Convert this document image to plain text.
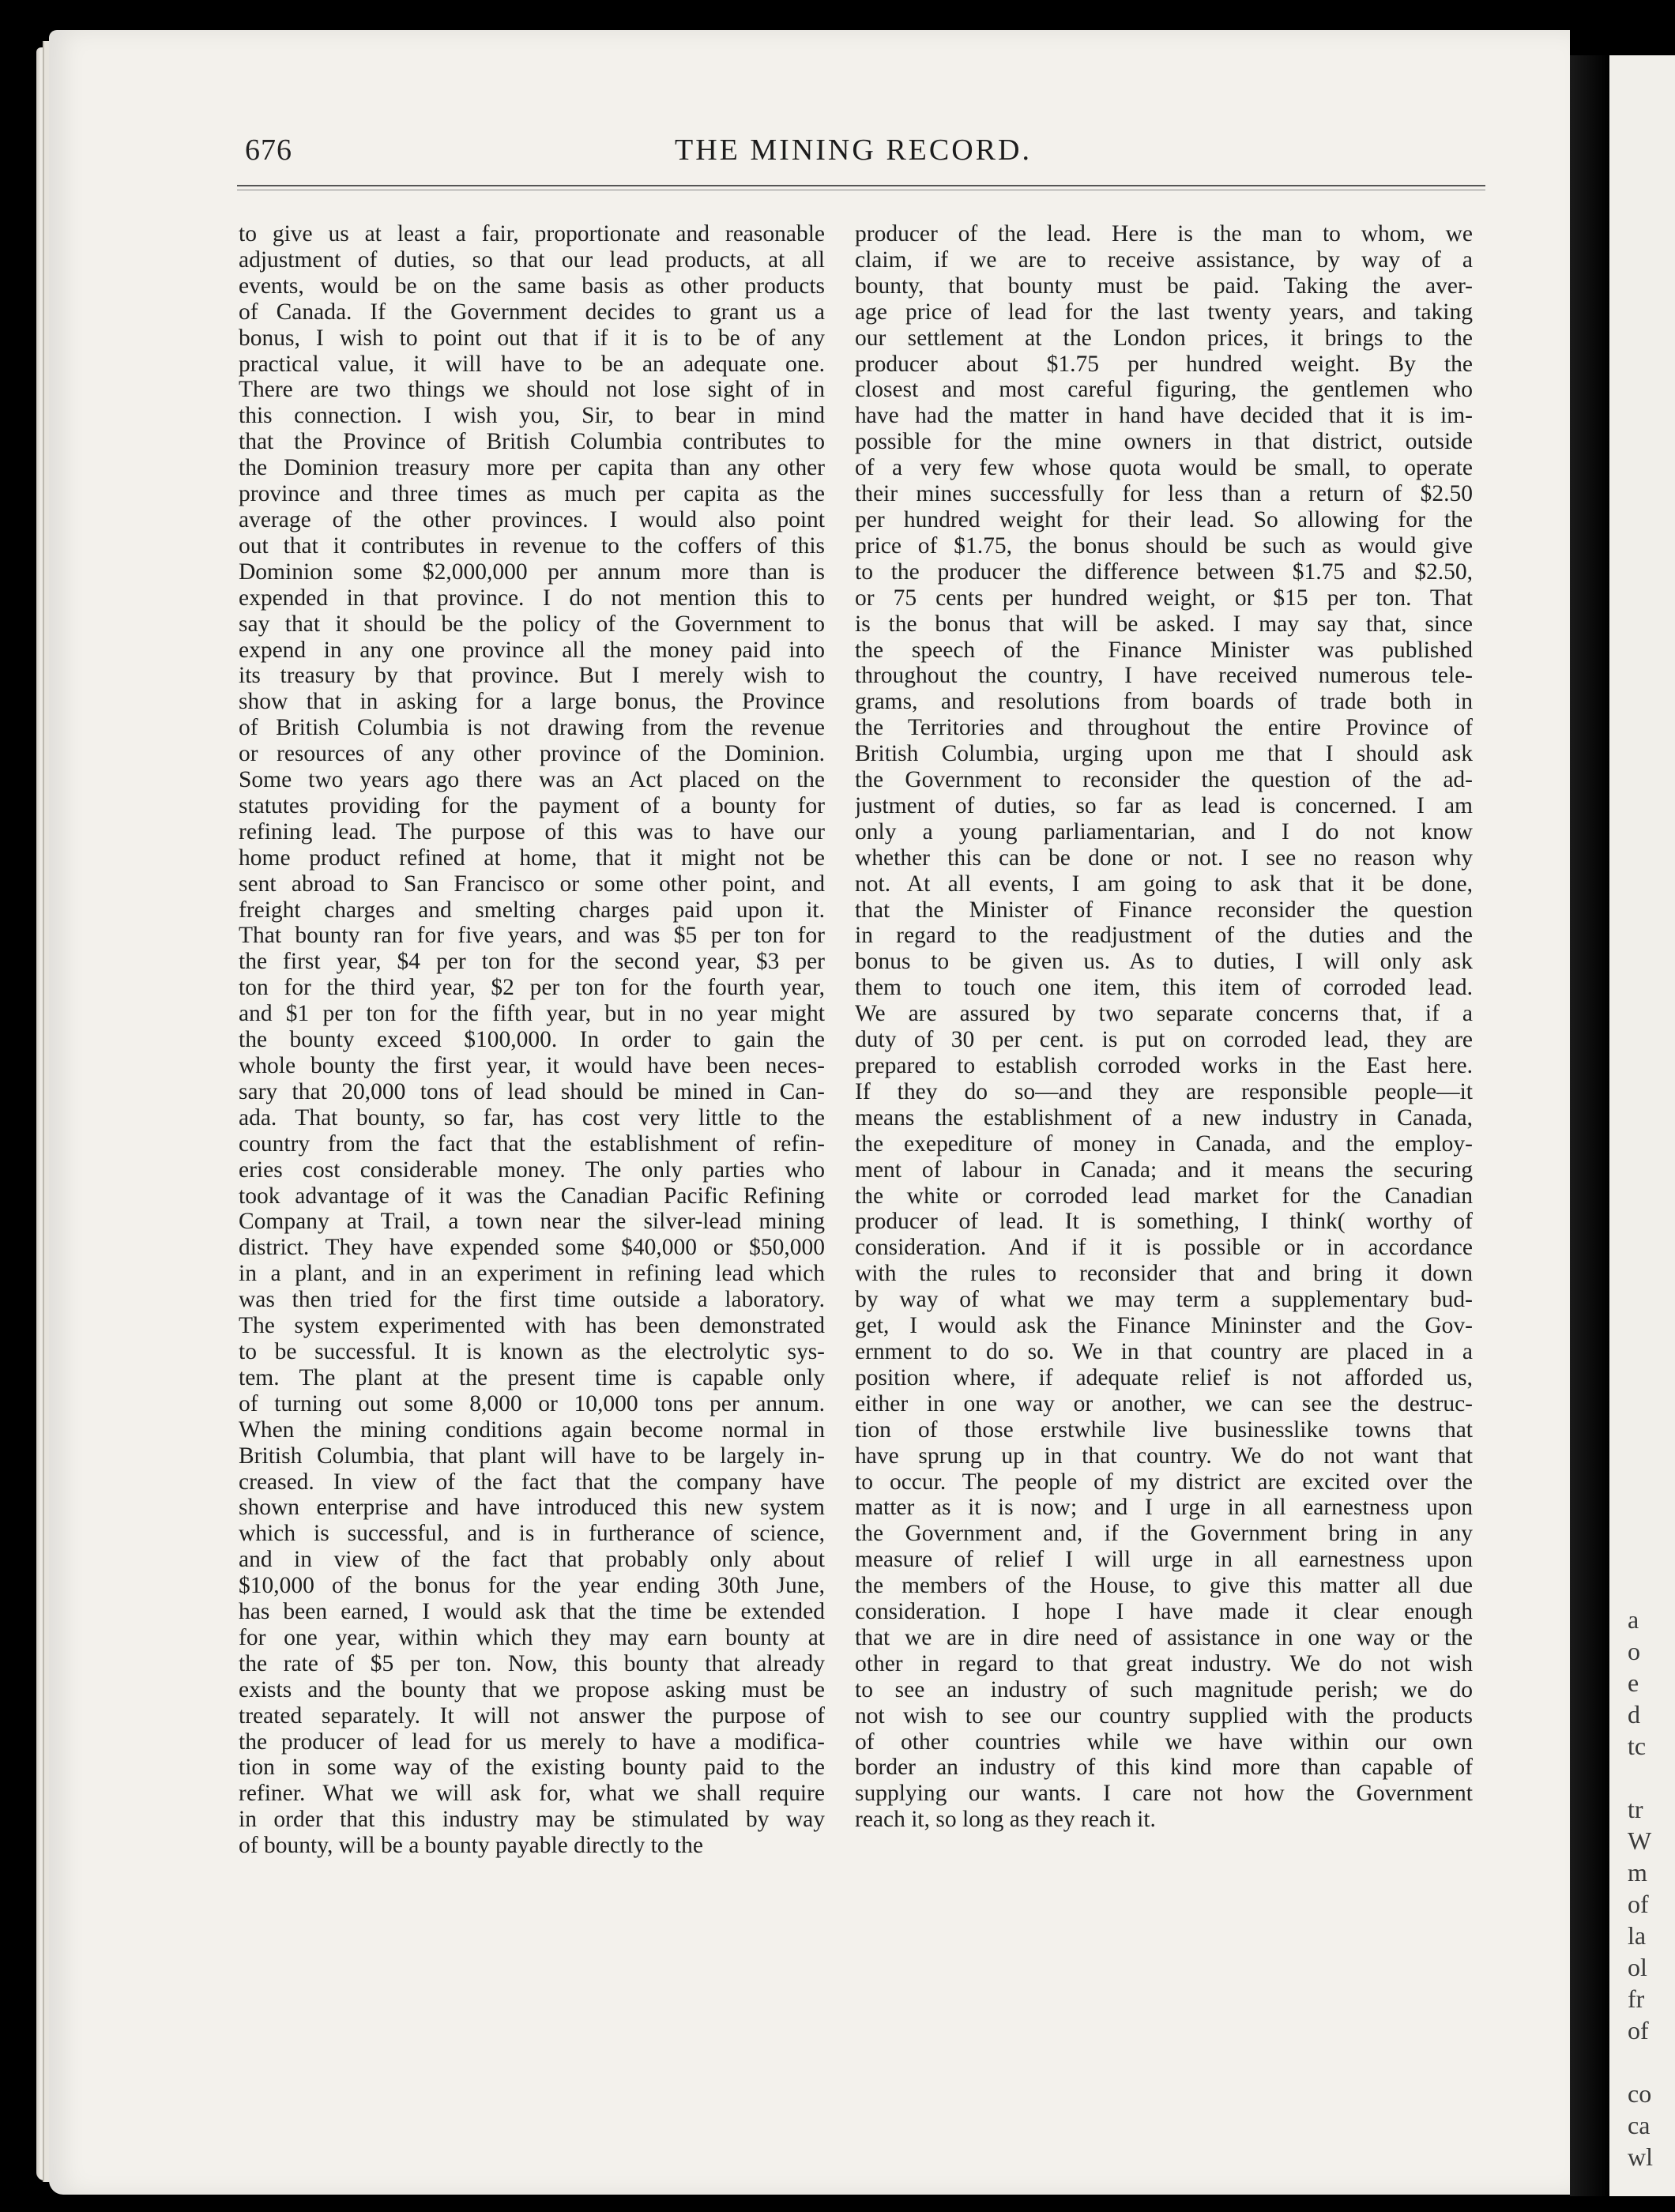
a
o
e
d
tc
tr
W
m
of
la
ol
fr
of
co
ca
wl
676	THE MINING RECORD.
to give us at least a fair, proportionate and reasonable
adjustment of duties, so that our lead products, at all
events, would be on the same basis as other products
of Canada. If the Government decides to grant us a
bonus, I wish to point out that if it is to be of any
practical value, it will have to be an adequate one.
There are two things we should not lose sight of in
this connection. I wish you, Sir, to bear in mind
that the Province of British Columbia contributes to
the Dominion treasury more per capita than any other
province and three times as much per capita as the
average of the other provinces. I would also point
out that it contributes in revenue to the coffers of this
Dominion some $2,000,000 per annum more than is
expended in that province. I do not mention this to
say that it should be the policy of the Government to
expend in any one province all the money paid into
its treasury by that province. But I merely wish to
show that in asking for a large bonus, the Province
of British Columbia is not drawing from the revenue
or resources of any other province of the Dominion.
Some two years ago there was an Act placed on the
statutes providing for the payment of a bounty for
refining lead. The purpose of this was to have our
home product refined at home, that it might not be
sent abroad to San Francisco or some other point, and
freight charges and smelting charges paid upon it.
That bounty ran for five years, and was $5 per ton for
the first year, $4 per ton for the second year, $3 per
ton for the third year, $2 per ton for the fourth year,
and $1 per ton for the fifth year, but in no year might
the bounty exceed $100,000. In order to gain the
whole bounty the first year, it would have been neces-
sary that 20,000 tons of lead should be mined in Can-
ada. That bounty, so far, has cost very little to the
country from the fact that the establishment of refin-
eries cost considerable money. The only parties who
took advantage of it was the Canadian Pacific Refining
Company at Trail, a town near the silver-lead mining
district. They have expended some $40,000 or $50,000
in a plant, and in an experiment in refining lead which
was then tried for the first time outside a laboratory.
The system experimented with has been demonstrated
to be successful. It is known as the electrolytic sys-
tem. The plant at the present time is capable only
of turning out some 8,000 or 10,000 tons per annum.
When the mining conditions again become normal in
British Columbia, that plant will have to be largely in-
creased. In view of the fact that the company have
shown enterprise and have introduced this new system
which is successful, and is in furtherance of science,
and in view of the fact that probably only about
$10,000 of the bonus for the year ending 30th June,
has been earned, I would ask that the time be extended
for one year, within which they may earn bounty at
the rate of $5 per ton. Now, this bounty that already
exists and the bounty that we propose asking must be
treated separately. It will not answer the purpose of
the producer of lead for us merely to have a modifica-
tion in some way of the existing bounty paid to the
refiner. What we will ask for, what we shall require
in order that this industry may be stimulated by way
of bounty, will be a bounty payable directly to the
producer of the lead. Here is the man to whom, we
claim, if we are to receive assistance, by way of a
bounty, that bounty must be paid. Taking the aver-
age price of lead for the last twenty years, and taking
our settlement at the London prices, it brings to the
producer about $1.75 per hundred weight. By the
closest and most careful figuring, the gentlemen who
have had the matter in hand have decided that it is im-
possible for the mine owners in that district, outside
of a very few whose quota would be small, to operate
their mines successfully for less than a return of $2.50
per hundred weight for their lead. So allowing for the
price of $1.75, the bonus should be such as would give
to the producer the difference between $1.75 and $2.50,
or 75 cents per hundred weight, or $15 per ton. That
is the bonus that will be asked. I may say that, since
the speech of the Finance Minister was published
throughout the country, I have received numerous tele-
grams, and resolutions from boards of trade both in
the Territories and throughout the entire Province of
British Columbia, urging upon me that I should ask
the Government to reconsider the question of the ad-
justment of duties, so far as lead is concerned. I am
only a young parliamentarian, and I do not know
whether this can be done or not. I see no reason why
not. At all events, I am going to ask that it be done,
that the Minister of Finance reconsider the question
in regard to the readjustment of the duties and the
bonus to be given us. As to duties, I will only ask
them to touch one item, this item of corroded lead.
We are assured by two separate concerns that, if a
duty of 30 per cent. is put on corroded lead, they are
prepared to establish corroded works in the East here.
If they do so—and they are responsible people—it
means the establishment of a new industry in Canada,
the exepediture of money in Canada, and the employ-
ment of labour in Canada; and it means the securing
the white or corroded lead market for the Canadian
producer of lead. It is something, I think( worthy of
consideration. And if it is possible or in accordance
with the rules to reconsider that and bring it down
by way of what we may term a supplementary bud-
get, I would ask the Finance Mininster and the Gov-
ernment to do so. We in that country are placed in a
position where, if adequate relief is not afforded us,
either in one way or another, we can see the destruc-
tion of those erstwhile live businesslike towns that
have sprung up in that country. We do not want that
to occur. The people of my district are excited over the
matter as it is now; and I urge in all earnestness upon
the Government and, if the Government bring in any
measure of relief I will urge in all earnestness upon
the members of the House, to give this matter all due
consideration. I hope I have made it clear enough
that we are in dire need of assistance in one way or the
other in regard to that great industry. We do not wish
to see an industry of such magnitude perish; we do
not wish to see our country supplied with the products
of other countries while we have within our own
border an industry of this kind more than capable of
supplying our wants. I care not how the Government
reach it, so long as they reach it.
